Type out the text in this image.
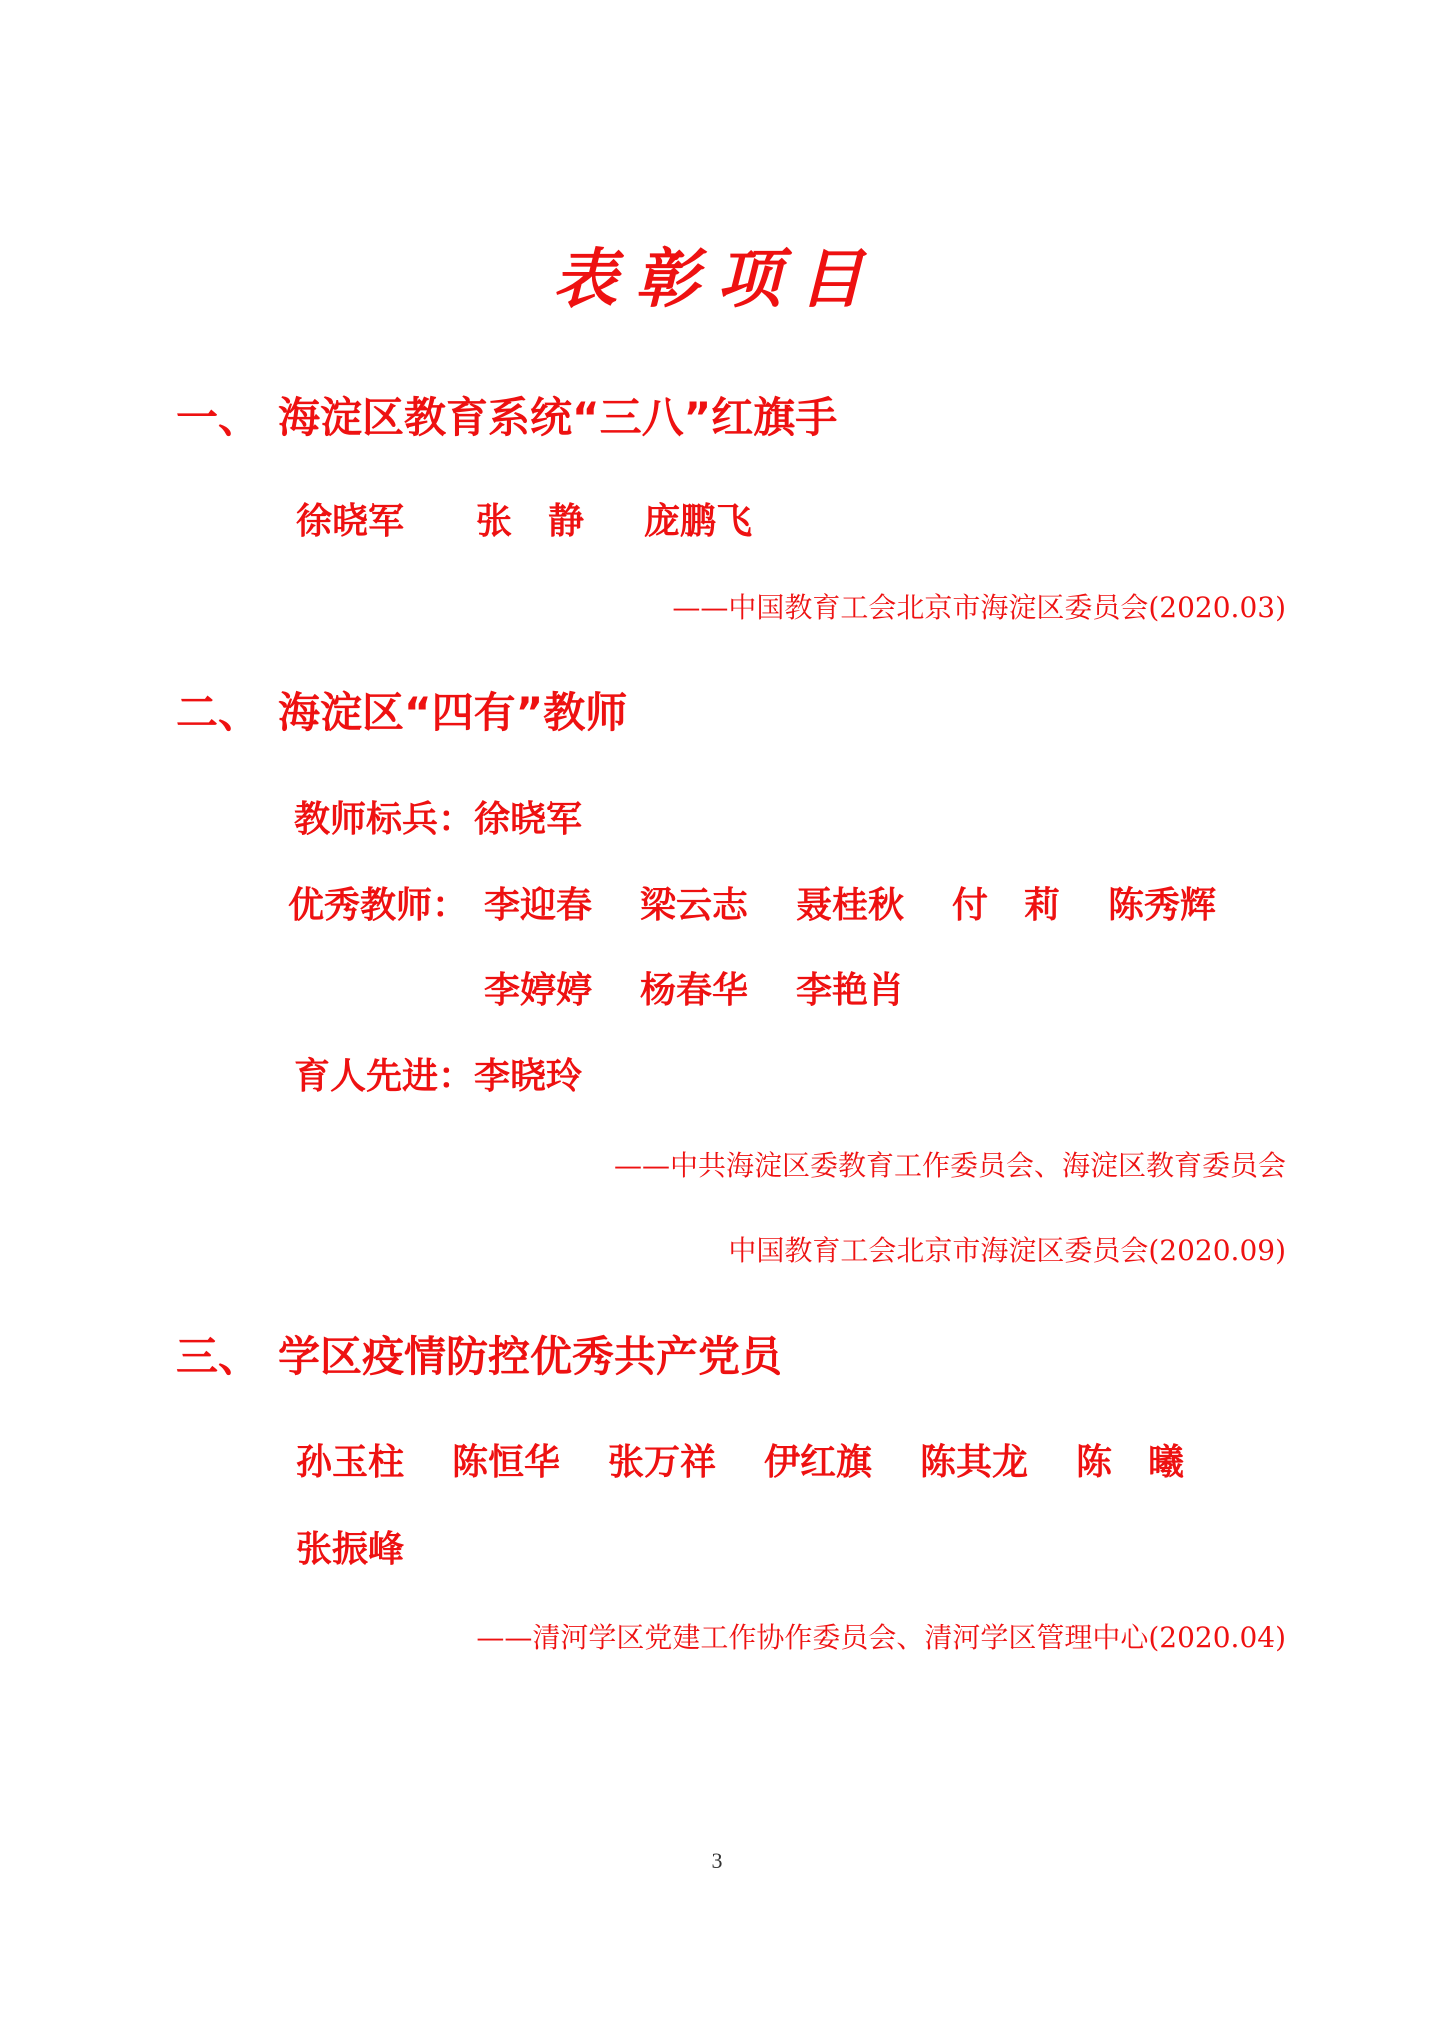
表彰项目
一、 海淀区教育系统“三八”红旗手
徐晓军 张　静 庞鹏飞
——中国教育工会北京市海淀区委员会(2020.03)
二、 海淀区“四有”教师
教师标兵：徐晓军
优秀教师： 李迎春 梁云志 聂桂秋 付　莉 陈秀辉
李婷婷 杨春华 李艳肖
育人先进：李晓玲
——中共海淀区委教育工作委员会、海淀区教育委员会
中国教育工会北京市海淀区委员会(2020.09)
三、 学区疫情防控优秀共产党员
孙玉柱 陈恒华 张万祥 伊红旗 陈其龙 陈　曦
张振峰
——清河学区党建工作协作委员会、清河学区管理中心(2020.04)
3
